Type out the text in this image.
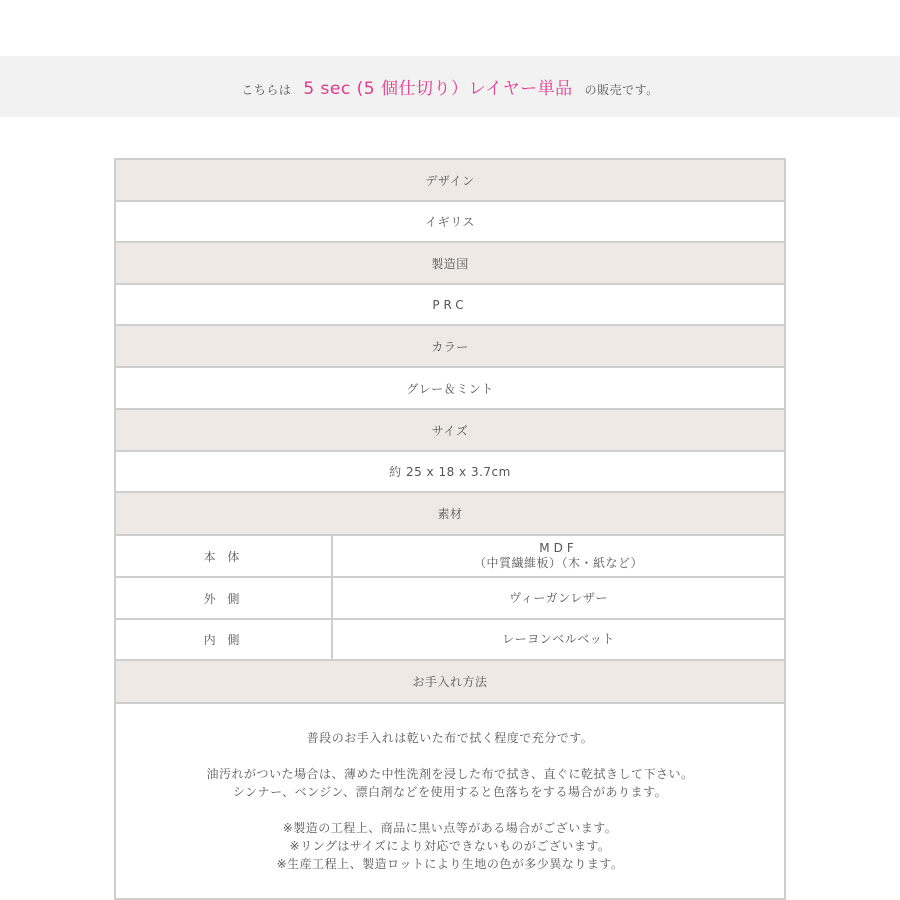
こちらは 5 sec (5 個仕切り）レイヤー単品 の販売です。
デザイン
イギリス
製造国
PRC
カラー
グレー＆ミント
サイズ
約 25 x 18 x 3.7cm
素材
本 体
MDF
（中質繊維板）（木・紙など）
外 側	ヴィーガンレザー
内 側	レーヨンベルベット
お手入れ方法

普段のお手入れは乾いた布で拭く程度で充分です。

油汚れがついた場合は、薄めた中性洗剤を浸した布で拭き、直ぐに乾拭きして下さい。
シンナー、ベンジン、漂白剤などを使用すると色落ちをする場合があります。

※製造の工程上、商品に黒い点等がある場合がございます。
※リングはサイズにより対応できないものがございます。
※生産工程上、製造ロットにより生地の色が多少異なります。
